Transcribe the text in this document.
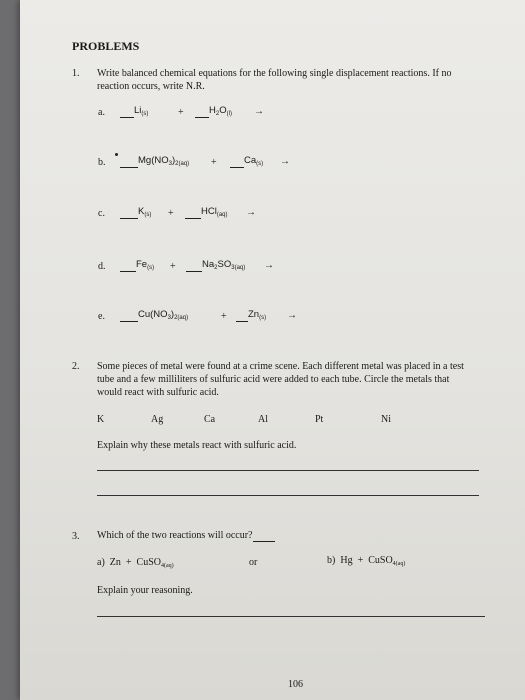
PROBLEMS
1. Write balanced chemical equations for the following single displacement reactions. If no
reaction occurs, write N.R.
a.	$Li_{(s)}$	+	$H_2O_{(l)}$ →
b.	$Mg(NO_3)_{2(aq)}$ +	$Ca_{(s)}$ →
c.	$K_{(s)}$ +	HCl$_{(aq)}$ →
d.	$Fe_{(s)}$ +	$Na_2SO_{3(aq)}$ →
e.	$Cu(NO_3)_{2(aq)}$	+	$Zn_{(s)}$ →
2. Some pieces of metal were found at a crime scene. Each different metal was placed in a test
tube and a few milliliters of sulfuric acid were added to each tube. Circle the metals that
would react with sulfuric acid.
K	Ag	Ca	Al	Pt	Ni
Explain why these metals react with sulfuric acid.
3. Which of the two reactions will occur?
a) Zn + CuSO$_{4(aq)}$	or	b) Hg + CuSO$_{4(aq)}$
Explain your reasoning.
106
